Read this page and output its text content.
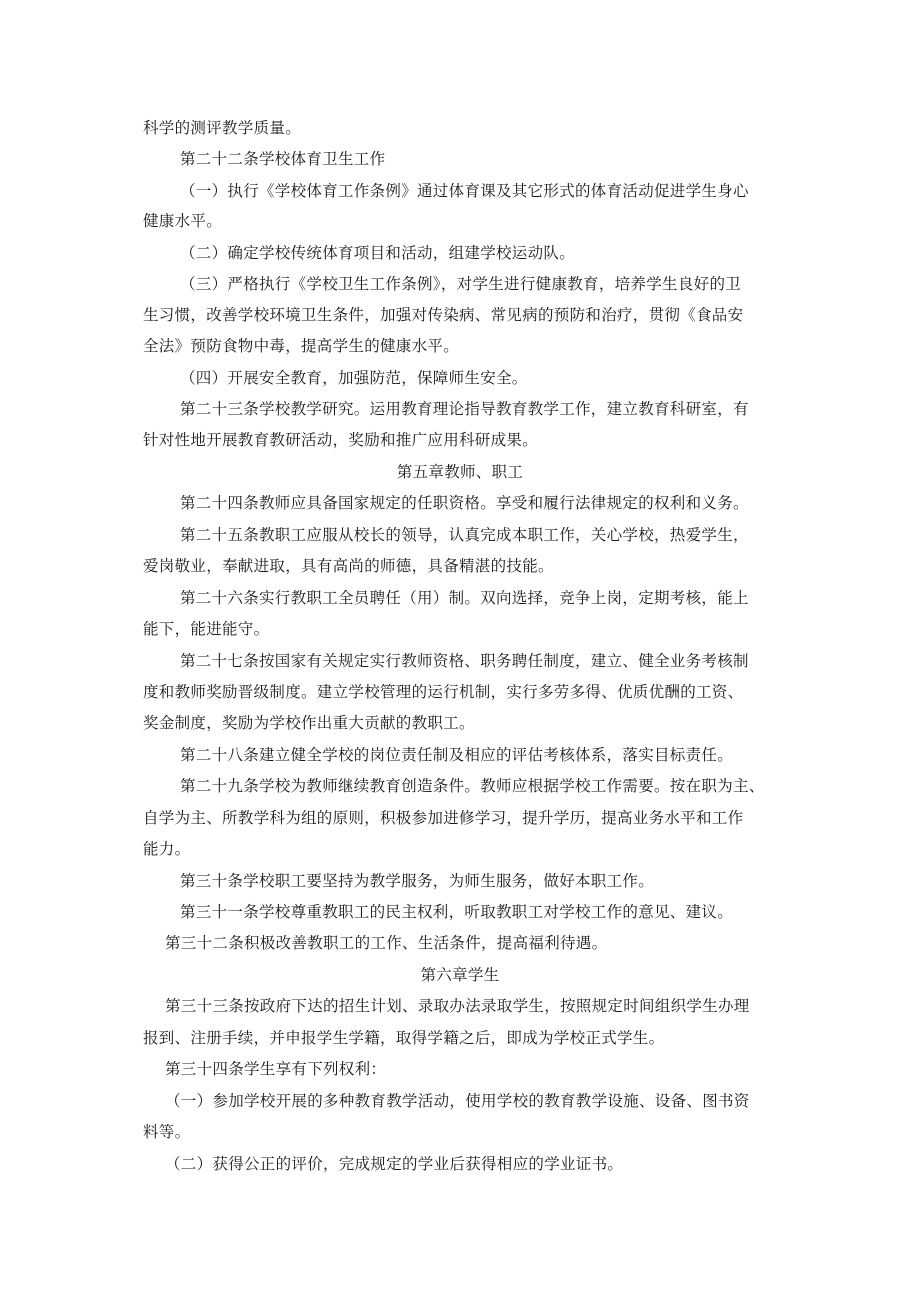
科学的测评教学质量。
第二十二条学校体育卫生工作
（一）执行《学校体育工作条例》通过体育课及其它形式的体育活动促进学生身心
健康水平。
（二）确定学校传统体育项目和活动，组建学校运动队。
（三）严格执行《学校卫生工作条例》，对学生进行健康教育，培养学生良好的卫
生习惯，改善学校环境卫生条件，加强对传染病、常见病的预防和治疗，贯彻《食品安
全法》预防食物中毒，提高学生的健康水平。
（四）开展安全教育，加强防范，保障师生安全。
第二十三条学校教学研究。运用教育理论指导教育教学工作，建立教育科研室，有
针对性地开展教育教研活动，奖励和推广应用科研成果。
第五章教师、职工
第二十四条教师应具备国家规定的任职资格。享受和履行法律规定的权利和义务。
第二十五条教职工应服从校长的领导，认真完成本职工作，关心学校，热爱学生，
爱岗敬业，奉献进取，具有高尚的师德，具备精湛的技能。
第二十六条实行教职工全员聘任（用）制。双向选择，竞争上岗，定期考核，能上
能下，能进能守。
第二十七条按国家有关规定实行教师资格、职务聘任制度，建立、健全业务考核制
度和教师奖励晋级制度。建立学校管理的运行机制，实行多劳多得、优质优酬的工资、
奖金制度，奖励为学校作出重大贡献的教职工。
第二十八条建立健全学校的岗位责任制及相应的评估考核体系，落实目标责任。
第二十九条学校为教师继续教育创造条件。教师应根据学校工作需要。按在职为主、
自学为主、所教学科为组的原则，积极参加进修学习，提升学历，提高业务水平和工作
能力。
第三十条学校职工要坚持为教学服务，为师生服务，做好本职工作。
第三十一条学校尊重教职工的民主权利，听取教职工对学校工作的意见、建议。
第三十二条积极改善教职工的工作、生活条件，提高福利待遇。
第六章学生
第三十三条按政府下达的招生计划、录取办法录取学生，按照规定时间组织学生办理
报到、注册手续，并申报学生学籍，取得学籍之后，即成为学校正式学生。
第三十四条学生享有下列权利：
（一）参加学校开展的多种教育教学活动，使用学校的教育教学设施、设备、图书资
料等。
（二）获得公正的评价，完成规定的学业后获得相应的学业证书。
